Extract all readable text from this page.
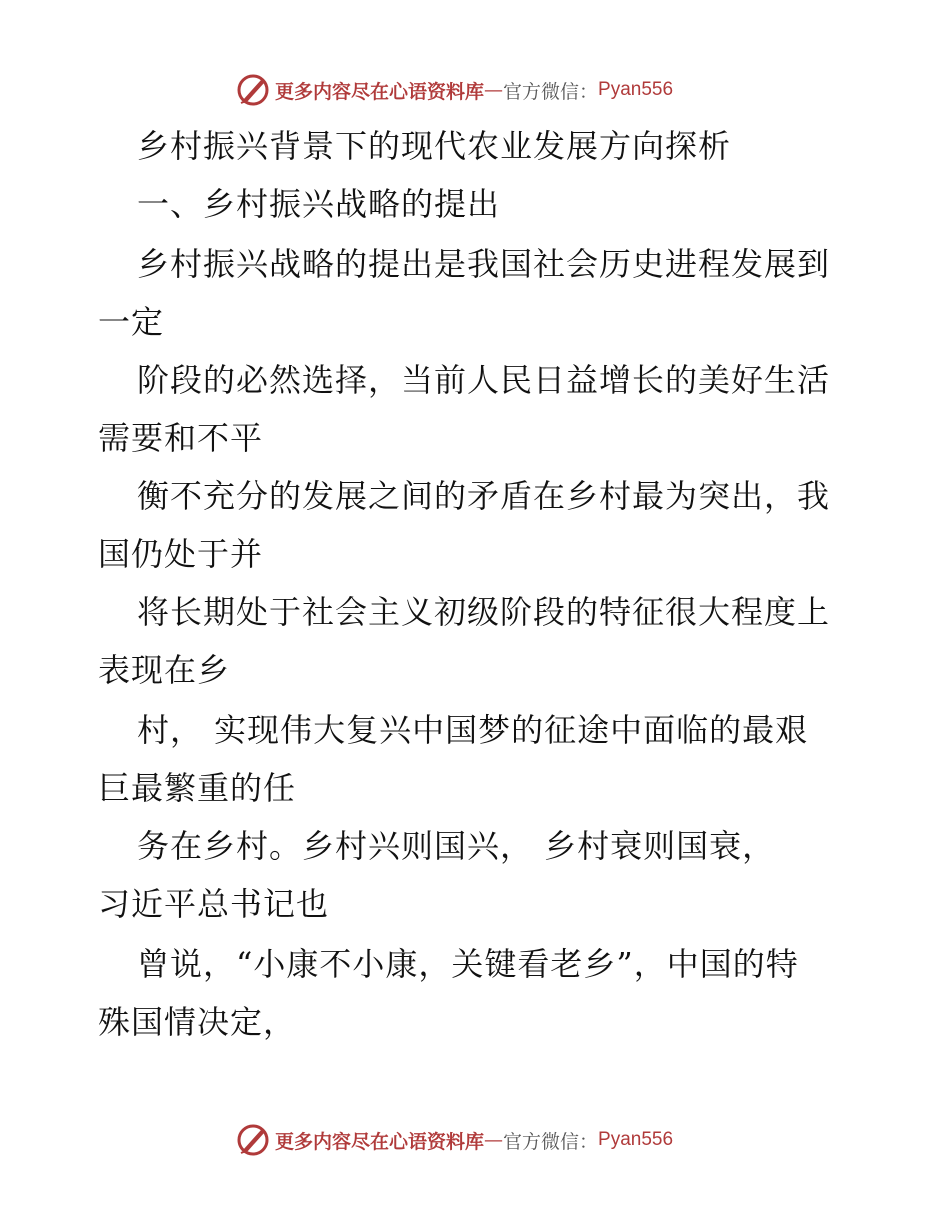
更多内容尽在心语资料库 — 官方微信： Pyan556
乡村振兴背景下的现代农业发展方向探析
一、乡村振兴战略的提出
乡村振兴战略的提出是我国社会历史进程发展到
一定
阶段的必然选择，当前人民日益增长的美好生活
需要和不平
衡不充分的发展之间的矛盾在乡村最为突出，我
国仍处于并
将长期处于社会主义初级阶段的特征很大程度上
表现在乡
村， 实现伟大复兴中国梦的征途中面临的最艰
巨最繁重的任
务在乡村。乡村兴则国兴， 乡村衰则国衰，
习近平总书记也
曾说，“小康不小康，关键看老乡”，中国的特
殊国情决定，
更多内容尽在心语资料库 — 官方微信： Pyan556
